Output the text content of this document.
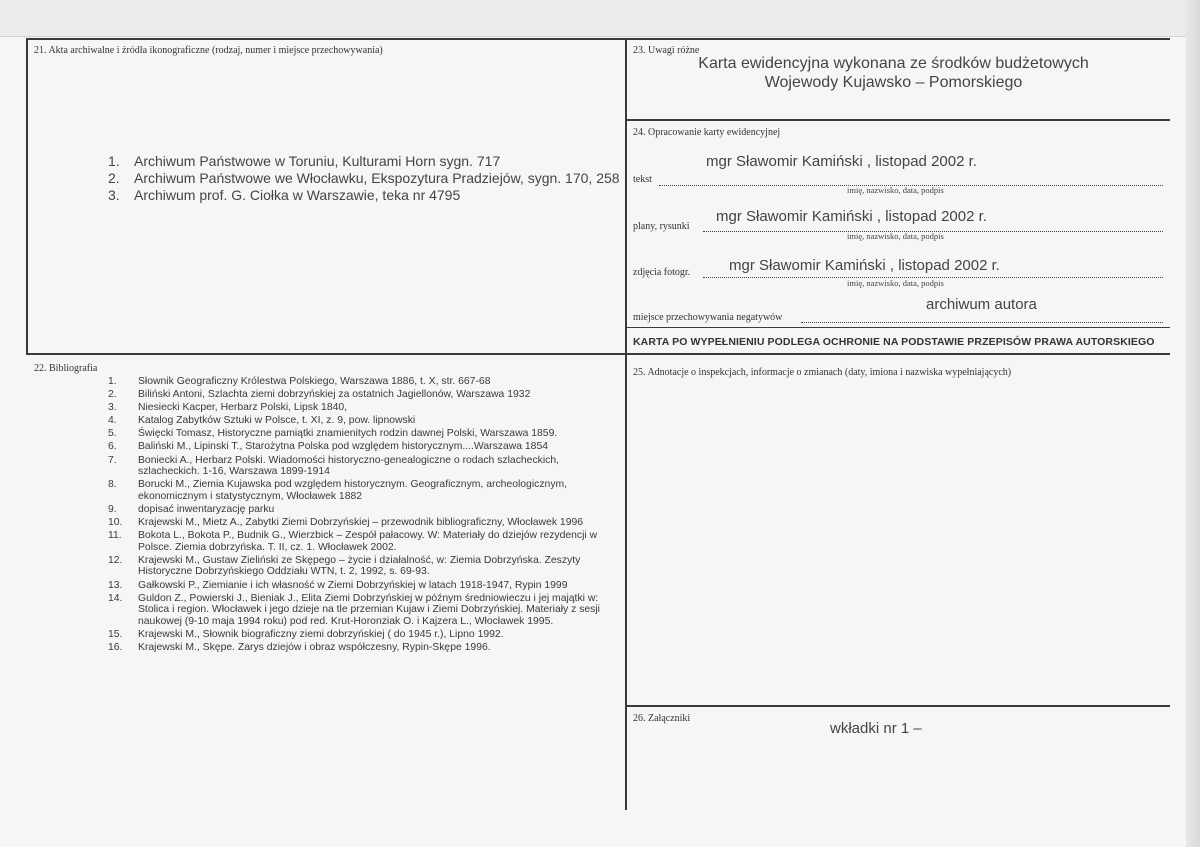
21. Akta archiwalne i źródła ikonograficzne (rodzaj, numer i miejsce przechowywania)
1. Archiwum Państwowe w Toruniu, Kulturami Horn sygn. 717
2. Archiwum Państwowe we Włocławku, Ekspozytura Pradziejów, sygn. 170, 258
3. Archiwum prof. G. Ciołka w Warszawie, teka nr 4795
23. Uwagi różne
Karta ewidencyjna wykonana ze środków budżetowych
Wojewody Kujawsko – Pomorskiego
24. Opracowanie karty ewidencyjnej
tekst
mgr Sławomir Kamiński , listopad 2002 r.
imię, nazwisko, data, podpis
plany, rysunki
mgr Sławomir Kamiński , listopad 2002 r.
imię, nazwisko, data, podpis
zdjęcia fotogr.	mgr Sławomir Kamiński , listopad 2002 r.
imię, nazwisko, data, podpis
miejsce przechowywania negatywów
archiwum autora
KARTA PO WYPEŁNIENIU PODLEGA OCHRONIE NA PODSTAWIE PRZEPISÓW PRAWA AUTORSKIEGO
22. Bibliografia
1.	Słownik Geograficzny Królestwa Polskiego, Warszawa 1886, t. X, str. 667-68
2.	Biliński Antoni, Szlachta ziemi dobrzyńskiej za ostatnich Jagiellonów, Warszawa 1932
3.	Niesiecki Kacper, Herbarz Polski, Lipsk 1840,
4.	Katalog Zabytków Sztuki w Polsce, t. XI, z. 9, pow. lipnowski
5.	Święcki Tomasz, Historyczne pamiątki znamienitych rodzin dawnej Polski, Warszawa 1859.
6.	Baliński M., Lipinski T., Starożytna Polska pod względem historycznym....Warszawa 1854
7.	Boniecki A., Herbarz Polski. Wiadomości historyczno-genealogiczne o rodach szlacheckich, szlacheckich. 1-16, Warszawa 1899-1914
8.	Borucki M., Ziemia Kujawska pod względem historycznym. Geograficznym, archeologicznym, ekonomicznym i statystycznym, Włocławek 1882
9.	dopisać inwentaryzację parku
10.	Krajewski M., Mietz A., Zabytki Ziemi Dobrzyńskiej – przewodnik bibliograficzny, Włocławek 1996
11.	Bokota L., Bokota P., Budnik G., Wierzbick – Zespół pałacowy. W: Materiały do dziejów rezydencji w Polsce. Ziemia dobrzyńska. T. II, cz. 1. Włocławek 2002.
12.	Krajewski M., Gustaw Zieliński ze Skępego – życie i działalność, w: Ziemia Dobrzyńska. Zeszyty Historyczne Dobrzyńskiego Oddziału WTN, t. 2, 1992, s. 69-93.
13.	Gałkowski P., Ziemianie i ich własność w Ziemi Dobrzyńskiej w latach 1918-1947, Rypin 1999
14.	Guldon Z., Powierski J., Bieniak J., Elita Ziemi Dobrzyńskiej w późnym średniowieczu i jej majątki w: Stolica i region. Włocławek i jego dzieje na tle przemian Kujaw i Ziemi Dobrzyńskiej. Materiały z sesji naukowej (9-10 maja 1994 roku) pod red. Krut-Horonziak O. i Kajzera L., Włocławek 1995.
15.	Krajewski M., Słownik biograficzny ziemi dobrzyńskiej ( do 1945 r.), Lipno 1992.
16.	Krajewski M., Skępe. Zarys dziejów i obraz współczesny, Rypin-Skępe 1996.
25. Adnotacje o inspekcjach, informacje o zmianach (daty, imiona i nazwiska wypełniających)
26. Załączniki
wkładki nr 1 –
